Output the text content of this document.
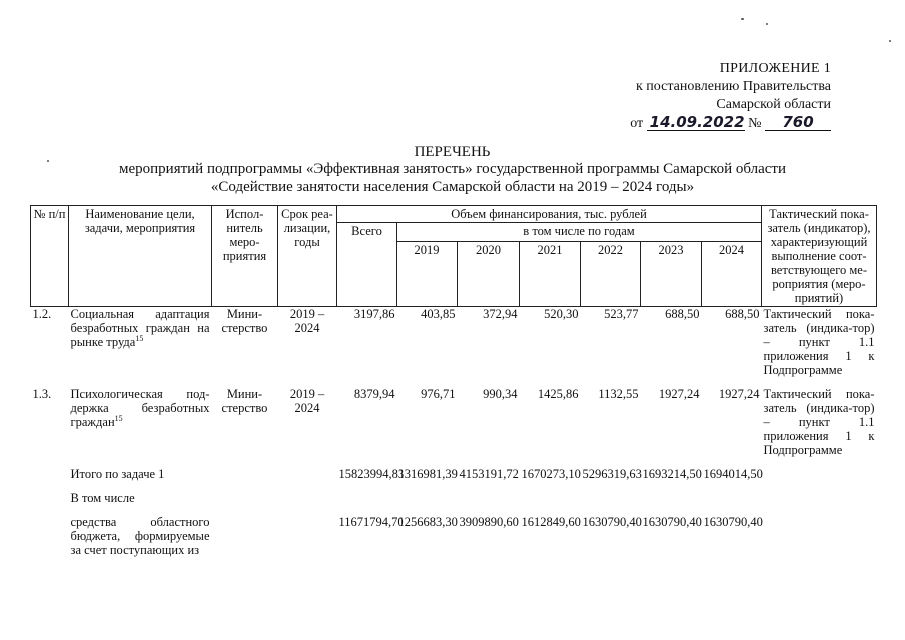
ПРИЛОЖЕНИЕ 1
к постановлению Правительства
Самарской области
от 14.09.2022 № 760
ПЕРЕЧЕНЬ
мероприятий подпрограммы «Эффективная занятость» государственной программы Самарской области
«Содействие занятости населения Самарской области на 2019 – 2024 годы»
№ п/п	Наименование цели, задачи, мероприятия	Испол-нитель меро-приятия	Срок реа-лизации, годы	Объем финансирования, тыс. рублей							Тактический пока-затель (индикатор), характеризующий выполнение соот-ветствующего ме-роприятия (меро-приятий)
				Всего	в том числе по годам						
					2019	2020	2021	2022	2023	2024	
1.2.	Социальная адаптация безработных граждан на рынке труда$^{15}$	Мини-стерство	2019 – 2024	3197,86	403,85	372,94	520,30	523,77	688,50	688,50	Тактический пока-затель (индика-тор) – пункт 1.1 приложения 1 к Подпрограмме

1.3.	Психологическая под-держка безработных граждан$^{15}$	Мини-стерство	2019 – 2024	8379,94	976,71	990,34	1425,86	1132,55	1927,24	1927,24	Тактический пока-затель (индика-тор) – пункт 1.1 приложения 1 к Подпрограмме

	Итого по задаче 1			15823994,83	1316981,39	4153191,72	1670273,10	5296319,63	1693214,50	1694014,50	

	В том числе										

	средства областного бюджета, формируемые за счет поступающих из			11671794,70	1256683,30	3909890,60	1612849,60	1630790,40	1630790,40	1630790,40	
